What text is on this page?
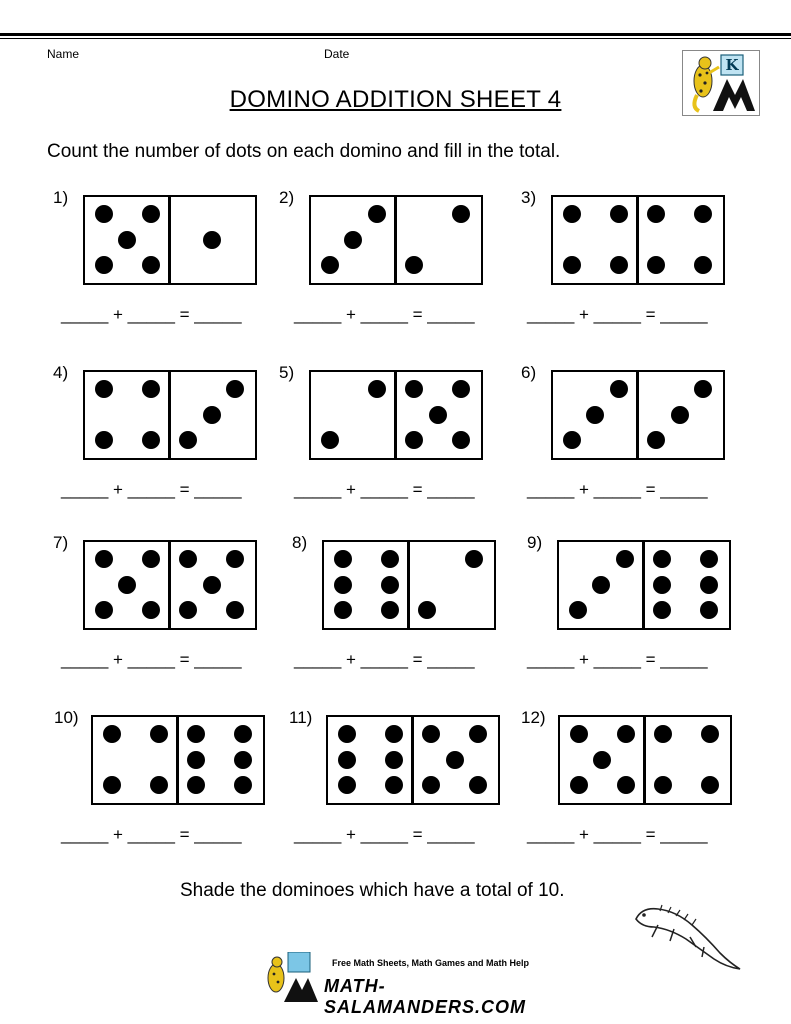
Name	Date
DOMINO ADDITION SHEET 4
K
Count the number of dots on each domino and fill in the total.
1)
_____ + _____ = _____
2)
_____ + _____ = _____
3)
_____ + _____ = _____
4)
_____ + _____ = _____
5)
_____ + _____ = _____
6)
_____ + _____ = _____
7)
_____ + _____ = _____
8)
_____ + _____ = _____
9)
_____ + _____ = _____
10)
_____ + _____ = _____
11)
_____ + _____ = _____
12)
_____ + _____ = _____
Shade the dominoes which have a total of 10.
Free Math Sheets, Math Games and Math Help
MATH-SALAMANDERS.COM
